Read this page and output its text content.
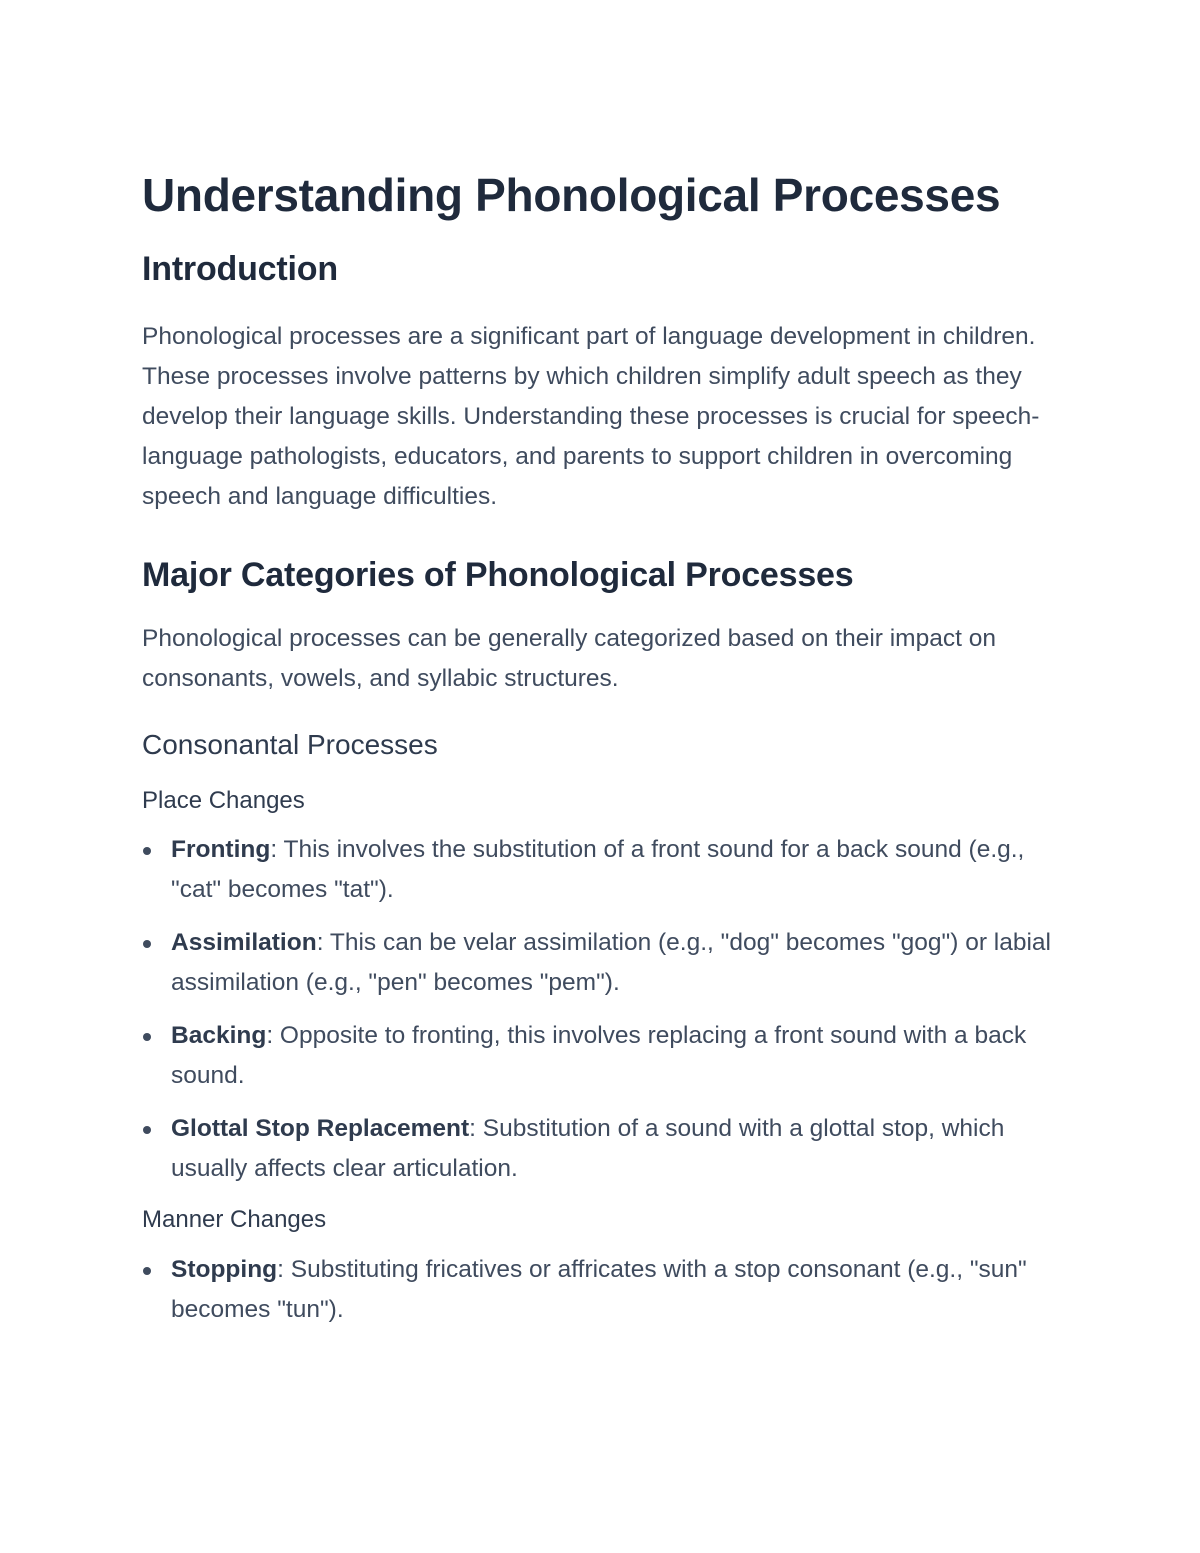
Understanding Phonological Processes
Introduction

Phonological processes are a significant part of language development in children. These processes involve patterns by which children simplify adult speech as they develop their language skills. Understanding these processes is crucial for speech-language pathologists, educators, and parents to support children in overcoming speech and language difficulties.

Major Categories of Phonological Processes

Phonological processes can be generally categorized based on their impact on consonants, vowels, and syllabic structures.

Consonantal Processes
Place Changes
Fronting: This involves the substitution of a front sound for a back sound (e.g., "cat" becomes "tat").
Assimilation: This can be velar assimilation (e.g., "dog" becomes "gog") or labial assimilation (e.g., "pen" becomes "pem").
Backing: Opposite to fronting, this involves replacing a front sound with a back sound.
Glottal Stop Replacement: Substitution of a sound with a glottal stop, which usually affects clear articulation.
Manner Changes
Stopping: Substituting fricatives or affricates with a stop consonant (e.g., "sun" becomes "tun").
